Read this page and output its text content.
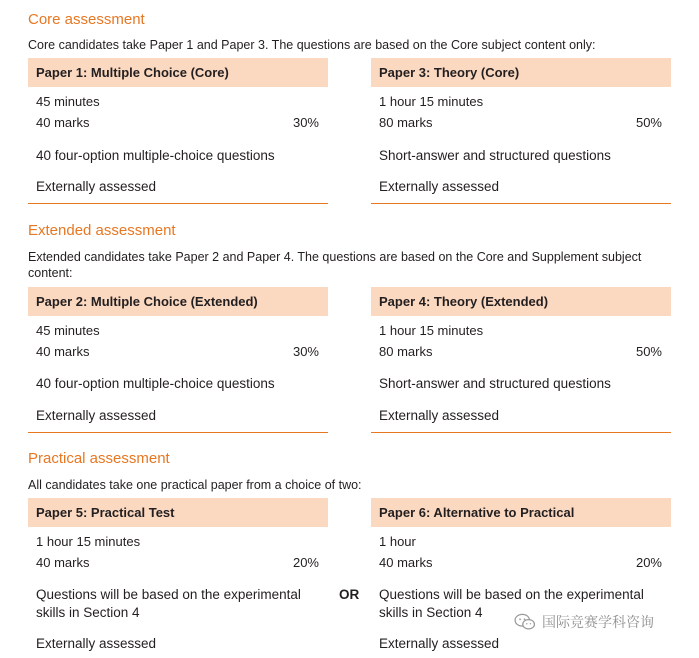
Core assessment

Core candidates take Paper 1 and Paper 3. The questions are based on the Core subject content only:

Paper 1: Multiple Choice (Core)
45 minutes
40 marks	30%
40 four-option multiple-choice questions
Externally assessed
Paper 3: Theory (Core)
1 hour 15 minutes
80 marks	50%
Short-answer and structured questions
Externally assessed
Extended assessment

Extended candidates take Paper 2 and Paper 4. The questions are based on the Core and Supplement subject content:

Paper 2: Multiple Choice (Extended)
45 minutes
40 marks	30%
40 four-option multiple-choice questions
Externally assessed
Paper 4: Theory (Extended)
1 hour 15 minutes
80 marks	50%
Short-answer and structured questions
Externally assessed
Practical assessment

All candidates take one practical paper from a choice of two:

Paper 5: Practical Test
1 hour 15 minutes
40 marks	20%
Questions will be based on the experimental skills in Section 4
Externally assessed
OR
Paper 6: Alternative to Practical
1 hour
40 marks	20%
Questions will be based on the experimental skills in Section 4
Externally assessed
国际竞赛学科咨询
